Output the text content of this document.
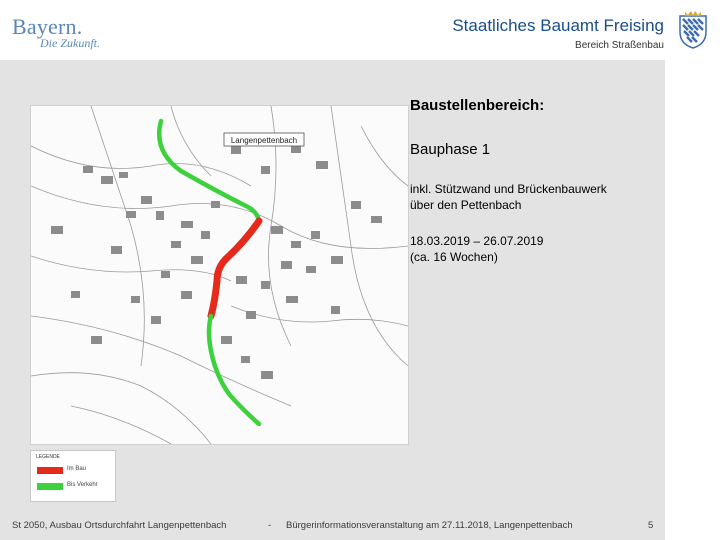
Bayern.
Die Zukunft.
Staatliches Bauamt Freising
Bereich Straßenbau
Langenpettenbach
LEGENDE
Im Bau
Bis Verkehr
Baustellenbereich:
Bauphase 1
inkl. Stützwand und Brückenbauwerk
über den Pettenbach
18.03.2019 – 26.07.2019
(ca. 16 Wochen)
St 2050, Ausbau Ortsdurchfahrt Langenpettenbach	- Bürgerinformationsveranstaltung am 27.11.2018, Langenpettenbach	5
